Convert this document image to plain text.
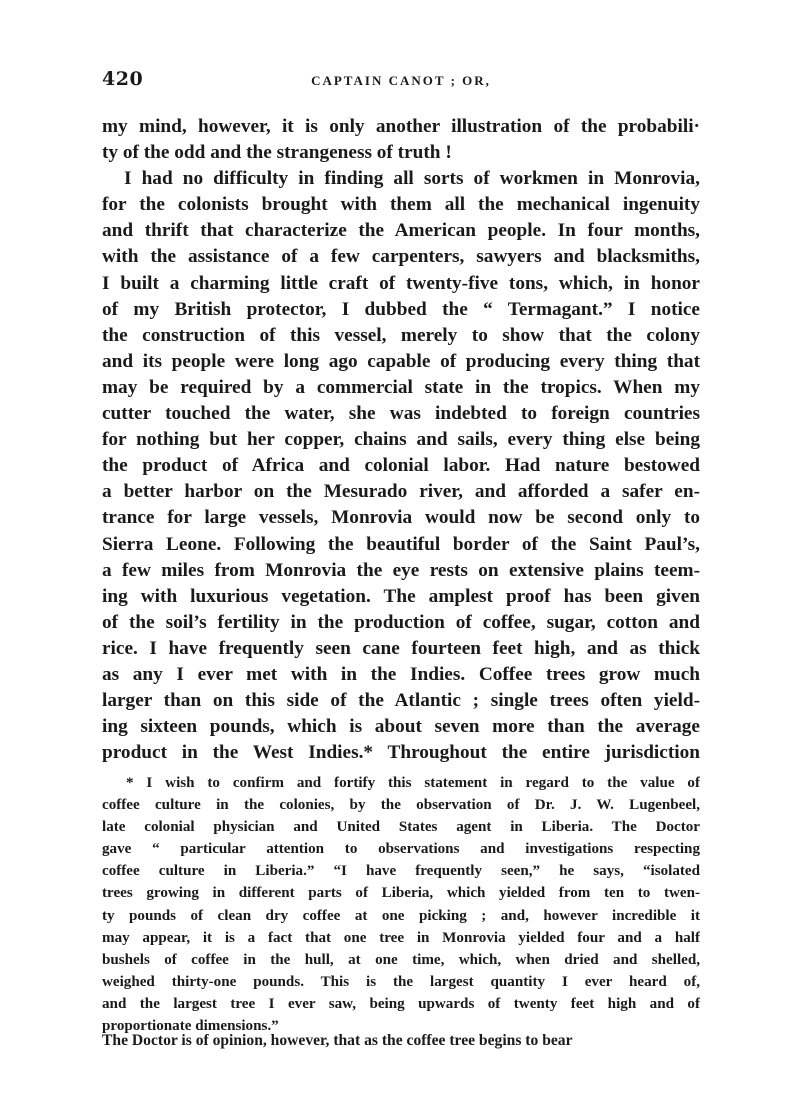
420	CAPTAIN CANOT ; OR,
my mind, however, it is only another illustration of the probabili·
ty of the odd and the strangeness of truth !
I had no difficulty in finding all sorts of workmen in Monrovia,
for the colonists brought with them all the mechanical ingenuity
and thrift that characterize the American people. In four months,
with the assistance of a few carpenters, sawyers and blacksmiths,
I built a charming little craft of twenty-five tons, which, in honor
of my British protector, I dubbed the “ Termagant.” I notice
the construction of this vessel, merely to show that the colony
and its people were long ago capable of producing every thing that
may be required by a commercial state in the tropics. When my
cutter touched the water, she was indebted to foreign countries
for nothing but her copper, chains and sails, every thing else being
the product of Africa and colonial labor. Had nature bestowed
a better harbor on the Mesurado river, and afforded a safer en-
trance for large vessels, Monrovia would now be second only to
Sierra Leone. Following the beautiful border of the Saint Paul’s,
a few miles from Monrovia the eye rests on extensive plains teem-
ing with luxurious vegetation. The amplest proof has been given
of the soil’s fertility in the production of coffee, sugar, cotton and
rice. I have frequently seen cane fourteen feet high, and as thick
as any I ever met with in the Indies. Coffee trees grow much
larger than on this side of the Atlantic ; single trees often yield-
ing sixteen pounds, which is about seven more than the average
product in the West Indies.* Throughout the entire jurisdiction
* I wish to confirm and fortify this statement in regard to the value of
coffee culture in the colonies, by the observation of Dr. J. W. Lugenbeel,
late colonial physician and United States agent in Liberia. The Doctor
gave “ particular attention to observations and investigations respecting
coffee culture in Liberia.” “I have frequently seen,” he says, “isolated
trees growing in different parts of Liberia, which yielded from ten to twen-
ty pounds of clean dry coffee at one picking ; and, however incredible it
may appear, it is a fact that one tree in Monrovia yielded four and a half
bushels of coffee in the hull, at one time, which, when dried and shelled,
weighed thirty-one pounds. This is the largest quantity I ever heard of,
and the largest tree I ever saw, being upwards of twenty feet high and of
proportionate dimensions.”
The Doctor is of opinion, however, that as the coffee tree begins to bear
